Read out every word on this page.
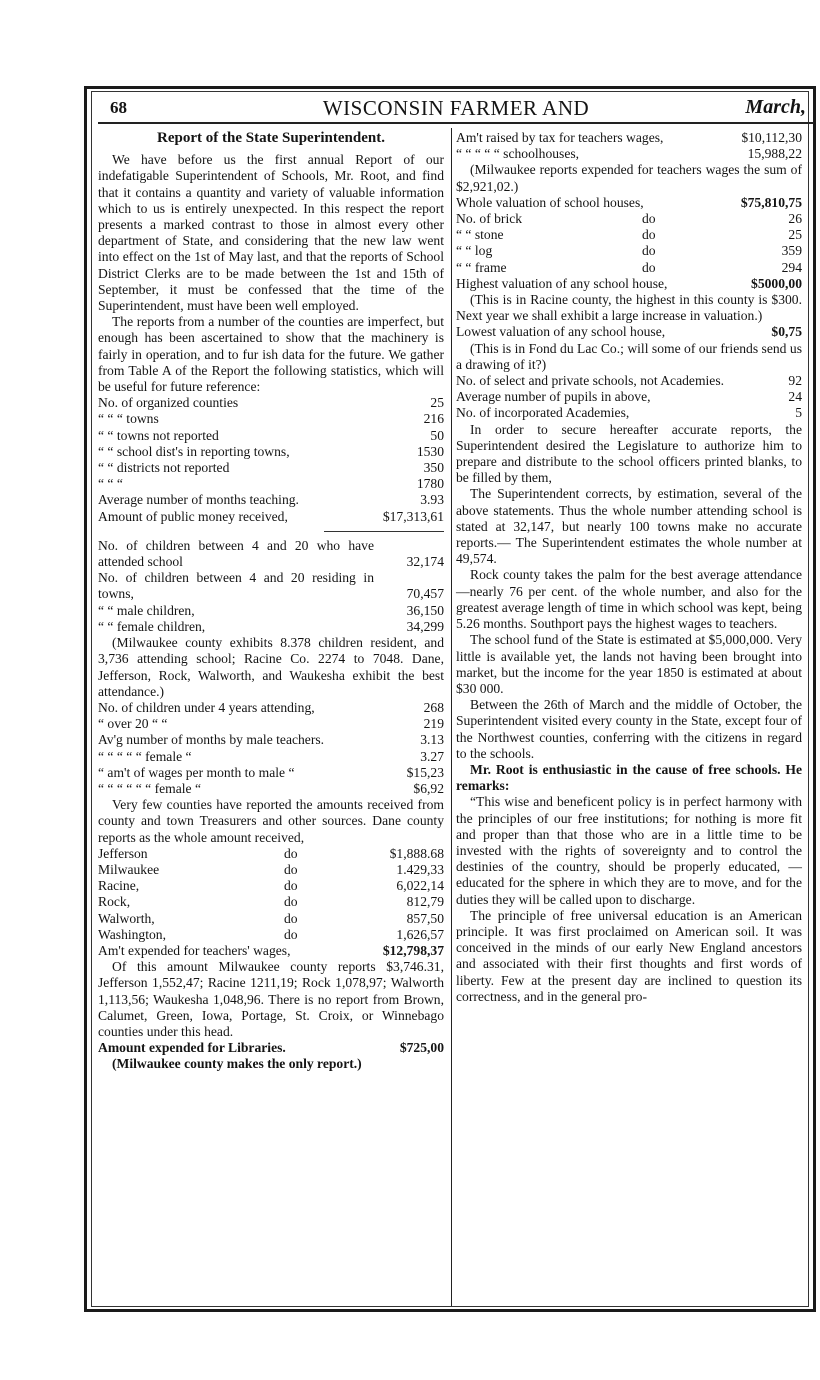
68	WISCONSIN FARMER AND	March,
Report of the State Superintendent.

We have before us the first annual Report of our indefatigable Superintendent of Schools, Mr. Root, and find that it contains a quantity and variety of valuable information which to us is entirely unexpected. In this respect the report presents a marked contrast to those in almost every other department of State, and considering that the new law went into effect on the 1st of May last, and that the reports of School District Clerks are to be made between the 1st and 15th of September, it must be confessed that the time of the Superintendent, must have been well employed.

The reports from a number of the counties are imperfect, but enough has been ascertained to show that the machinery is fairly in operation, and to fur ish data for the future. We gather from Table A of the Report the following statistics, which will be useful for future reference:

No. of organized counties	25
“ “ “ towns	216
“ “ towns not reported	50
“ “ school dist's in reporting towns,	1530
“ “ districts not reported	350
“ “ “	1780
Average number of months teaching.	3.93
Amount of public money received,	$17,313,61
No. of children between 4 and 20 who have attended school	32,174
No. of children between 4 and 20 residing in towns,	70,457
“ “ male children,	36,150
“ “ female children,	34,299

(Milwaukee county exhibits 8.378 children resident, and 3,736 attending school; Racine Co. 2274 to 7048. Dane, Jefferson, Rock, Walworth, and Waukesha exhibit the best attendance.)

No. of children under 4 years attending,	268
“ over 20 “ “	219
Av'g number of months by male teachers.	3.13
“ “ “ “ “ female “	3.27
“ am't of wages per month to male “	$15,23
“ “ “ “ “ “ female “	$6,92

Very few counties have reported the amounts received from county and town Treasurers and other sources. Dane county reports as the whole amount received,

Jefferson	do	$1,888.68
Milwaukee	do	1.429,33
Racine,	do	6,022,14
Rock,	do	812,79
Walworth,	do	857,50
Washington,	do	1,626,57
Am't expended for teachers' wages,	$12,798,37

Of this amount Milwaukee county reports $3,746.31, Jefferson 1,552,47; Racine 1211,19; Rock 1,078,97; Walworth 1,113,56; Waukesha 1,048,96. There is no report from Brown, Calumet, Green, Iowa, Portage, St. Croix, or Winnebago counties under this head.

Amount expended for Libraries.	$725,00

(Milwaukee county makes the only report.)

Am't raised by tax for teachers wages,	$10,112,30
“ “ “ “ “ schoolhouses,	15,988,22

(Milwaukee reports expended for teachers wages the sum of $2,921,02.)

Whole valuation of school houses,	$75,810,75
No. of brick	do	26
“ “ stone	do	25
“ “ log	do	359
“ “ frame	do	294
Highest valuation of any school house,	$5000,00

(This is in Racine county, the highest in this county is $300. Next year we shall exhibit a large increase in valuation.)

Lowest valuation of any school house,	$0,75

(This is in Fond du Lac Co.; will some of our friends send us a drawing of it?)

No. of select and private schools, not Academies.	92
Average number of pupils in above,	24
No. of incorporated Academies,	5

In order to secure hereafter accurate reports, the Superintendent desired the Legislature to authorize him to prepare and distribute to the school officers printed blanks, to be filled by them,

The Superintendent corrects, by estimation, several of the above statements. Thus the whole number attending school is stated at 32,147, but nearly 100 towns make no accurate reports.— The Superintendent estimates the whole number at 49,574.

Rock county takes the palm for the best average attendance—nearly 76 per cent. of the whole number, and also for the greatest average length of time in which school was kept, being 5.26 months. Southport pays the highest wages to teachers.

The school fund of the State is estimated at $5,000,000. Very little is available yet, the lands not having been brought into market, but the income for the year 1850 is estimated at about $30 000.

Between the 26th of March and the middle of October, the Superintendent visited every county in the State, except four of the Northwest counties, conferring with the citizens in regard to the schools.

Mr. Root is enthusiastic in the cause of free schools. He remarks:

“This wise and beneficent policy is in perfect harmony with the principles of our free institutions; for nothing is more fit and proper than that those who are in a little time to be invested with the rights of sovereignty and to control the destinies of the country, should be properly educated, —educated for the sphere in which they are to move, and for the duties they will be called upon to discharge.

The principle of free universal education is an American principle. It was first proclaimed on American soil. It was conceived in the minds of our early New England ancestors and associated with their first thoughts and first words of liberty. Few at the present day are inclined to question its correctness, and in the general pro-
